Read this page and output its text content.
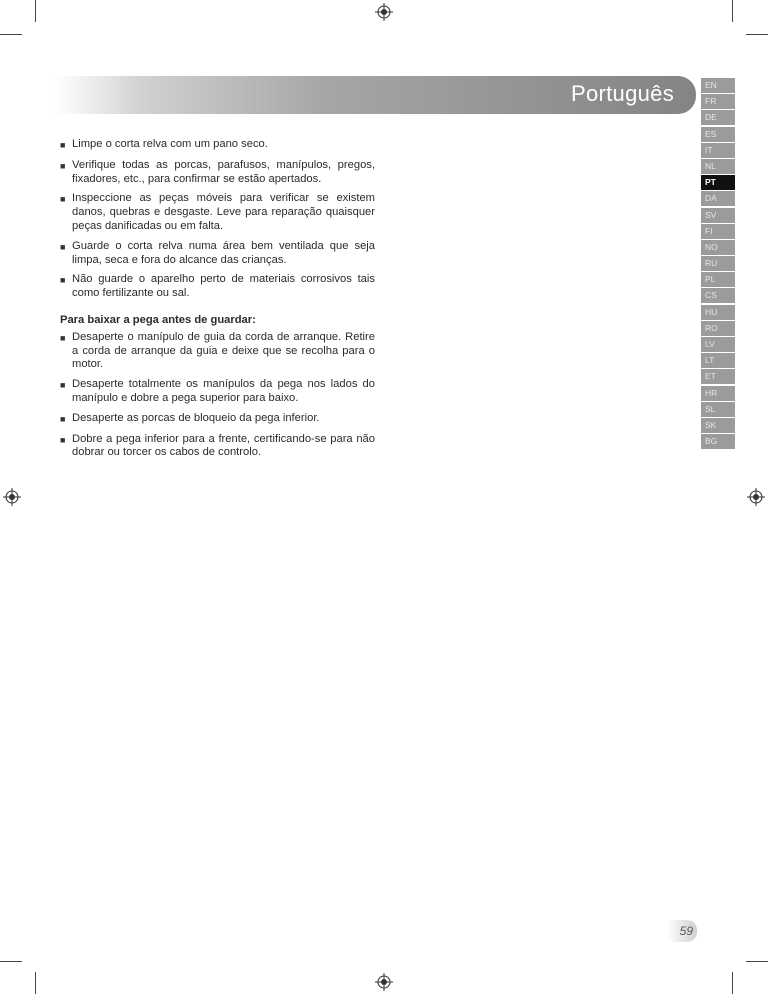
Português	EN
FR
DE
ES
IT
NL
PT
DA
SV
FI
NO
RU
PL
CS
HU
RO
LV
LT
ET
HR
SL
SK
BG
■ Limpe o corta relva com um pano seco.
■ Verifique todas as porcas, parafusos, manípulos, pregos, fixadores, etc., para confirmar se estão apertados.
■ Inspeccione as peças móveis para verificar se existem danos, quebras e desgaste. Leve para reparação quaisquer peças danificadas ou em falta.
■ Guarde o corta relva numa área bem ventilada que seja limpa, seca e fora do alcance das crianças.
■ Não guarde o aparelho perto de materiais corrosivos tais como fertilizante ou sal.
Para baixar a pega antes de guardar:
■ Desaperte o manípulo de guia da corda de arranque. Retire a corda de arranque da guia e deixe que se recolha para o motor.
■ Desaperte totalmente os manípulos da pega nos lados do manípulo e dobre a pega superior para baixo.
■ Desaperte as porcas de bloqueio da pega inferior.
■ Dobre a pega inferior para a frente, certificando-se para não dobrar ou torcer os cabos de controlo.
59
